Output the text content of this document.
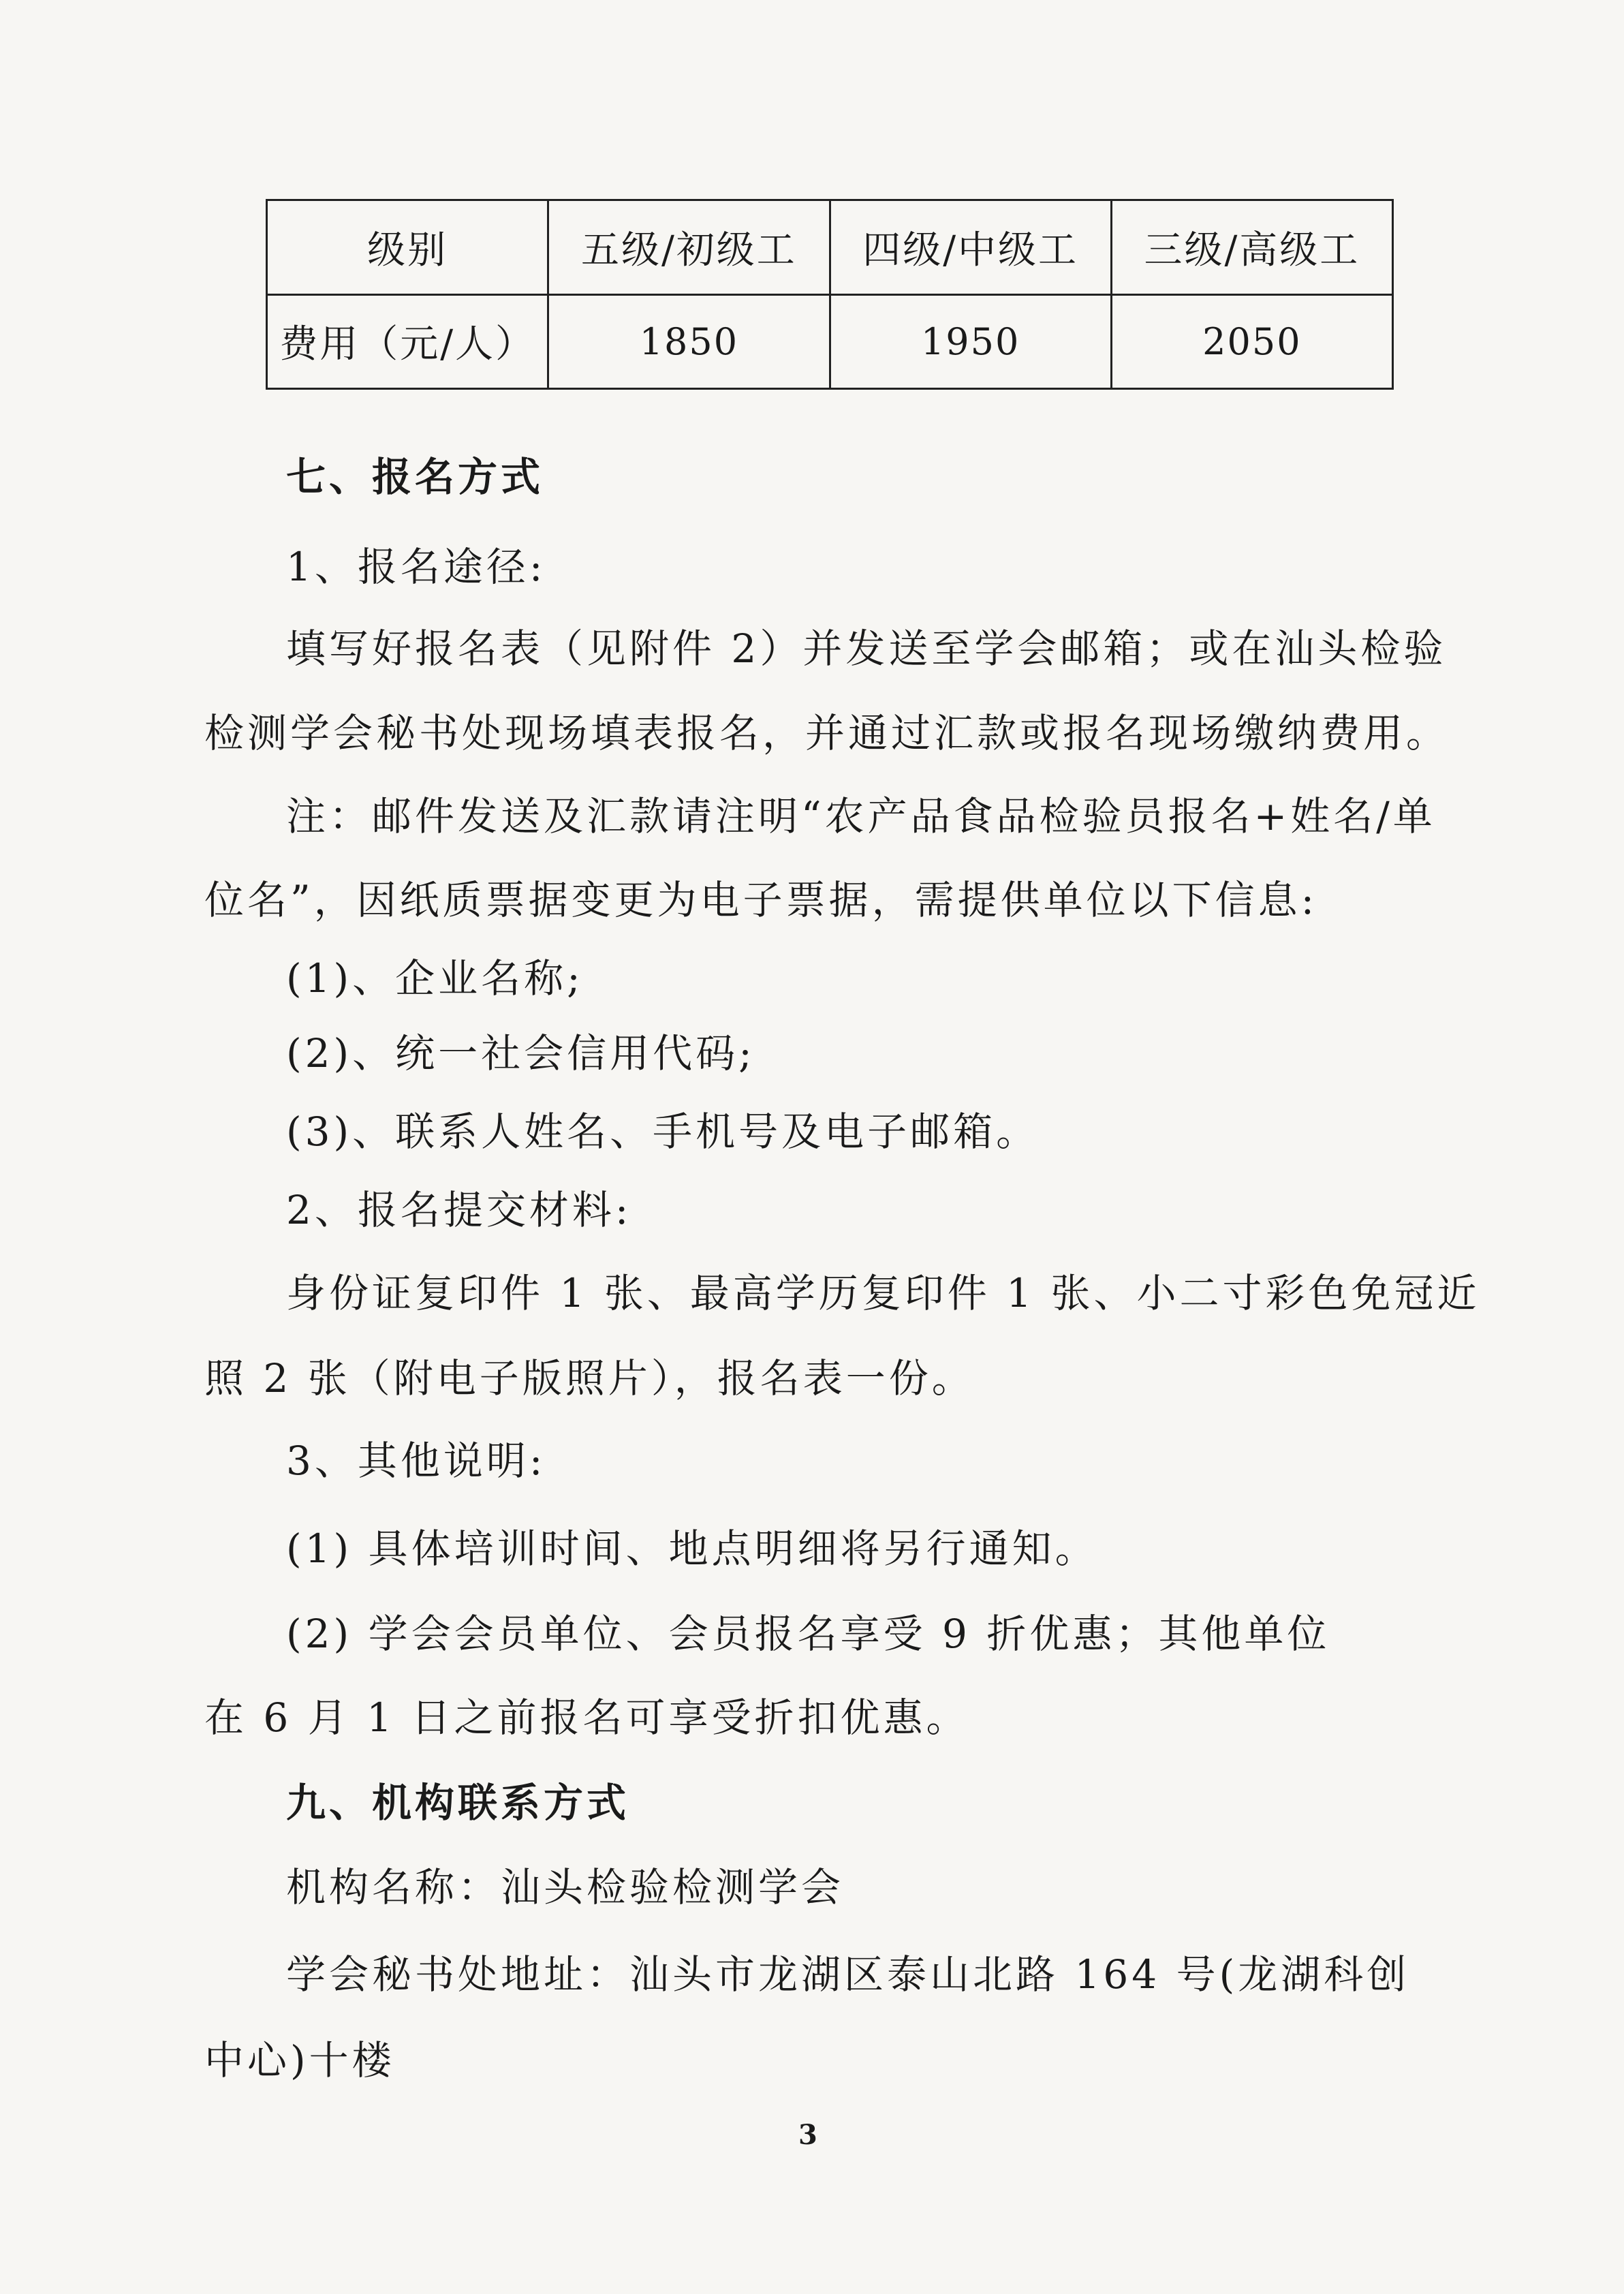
级别	五级/初级工	四级/中级工	三级/高级工
费用（元/人）	1850	1950	2050
七、报名方式
1、报名途径:
填写好报名表（见附件 2）并发送至学会邮箱；或在汕头检验
检测学会秘书处现场填表报名，并通过汇款或报名现场缴纳费用。
注：邮件发送及汇款请注明“农产品食品检验员报名+姓名/单
位名”，因纸质票据变更为电子票据，需提供单位以下信息:
(1)、企业名称;
(2)、统一社会信用代码;
(3)、联系人姓名、手机号及电子邮箱。
2、报名提交材料:
身份证复印件 1 张、最高学历复印件 1 张、小二寸彩色免冠近
照 2 张（附电子版照片），报名表一份。
3、其他说明:
(1) 具体培训时间、地点明细将另行通知。
(2) 学会会员单位、会员报名享受 9 折优惠；其他单位
在 6 月 1 日之前报名可享受折扣优惠。
九、机构联系方式
机构名称：汕头检验检测学会
学会秘书处地址：汕头市龙湖区泰山北路 164 号(龙湖科创
中心)十楼
3
